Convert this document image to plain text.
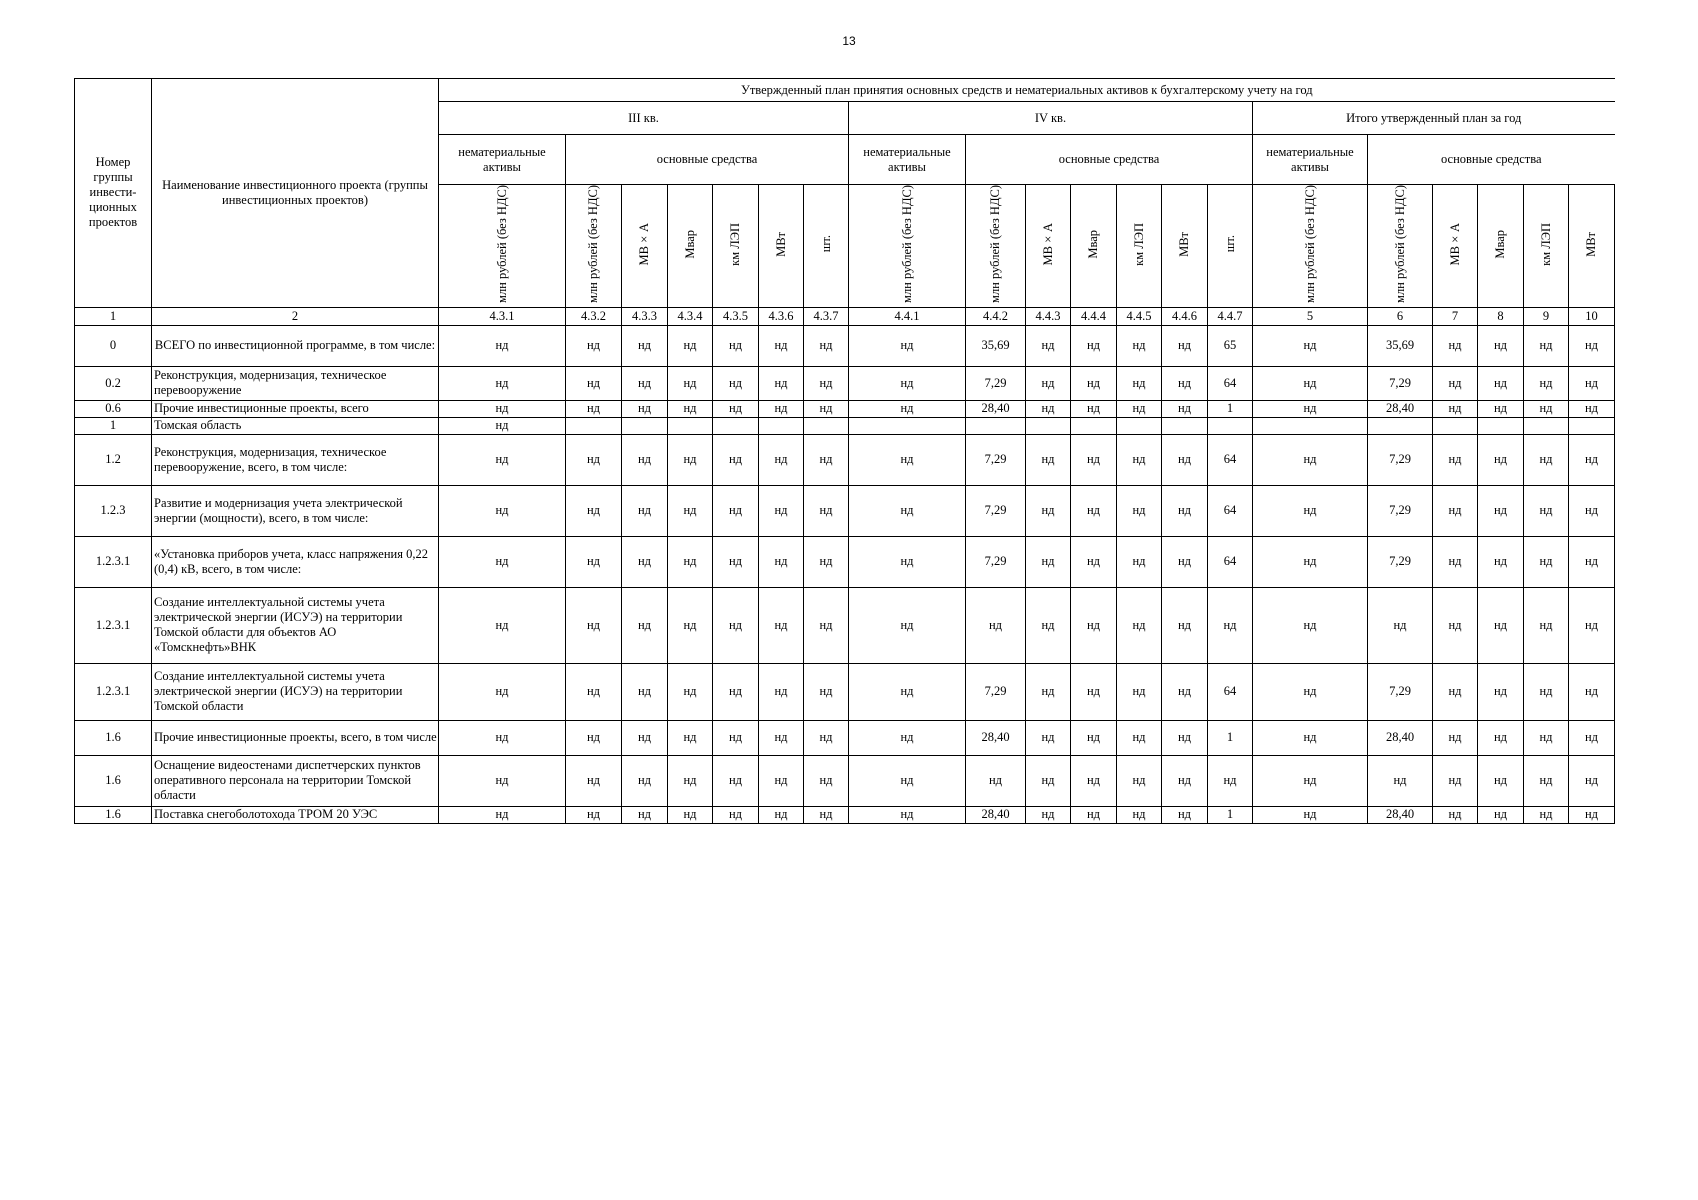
13
Номер группы инвести-ционных проектов	Наименование инвестиционного проекта (группы инвестиционных проектов)	Утвержденный план принятия основных средств и нематериальных активов к бухгалтерскому учету на год																			
		III кв.							IV кв.							Итого утвержденный план за год					
		нематериальные активы	основные средства						нематериальные активы	основные средства						нематериальные активы	основные средства				
		млн рублей (без НДС)	млн рублей (без НДС)	МВ×А	Мвар	км ЛЭП	МВт	шт.	млн рублей (без НДС)	млн рублей (без НДС)	МВ×А	Мвар	км ЛЭП	МВт	шт.	млн рублей (без НДС)	млн рублей (без НДС)	МВ×А	Мвар	км ЛЭП	МВт
1	2	4.3.1	4.3.2	4.3.3	4.3.4	4.3.5	4.3.6	4.3.7	4.4.1	4.4.2	4.4.3	4.4.4	4.4.5	4.4.6	4.4.7	5	6	7	8	9	10
0	ВСЕГО по инвестиционной программе, в том числе:	нд	нд	нд	нд	нд	нд	нд	нд	35,69	нд	нд	нд	нд	65	нд	35,69	нд	нд	нд	нд
0.2	Реконструкция, модернизация, техническое перевооружение	нд	нд	нд	нд	нд	нд	нд	нд	7,29	нд	нд	нд	нд	64	нд	7,29	нд	нд	нд	нд
0.6	Прочие инвестиционные проекты, всего	нд	нд	нд	нд	нд	нд	нд	нд	28,40	нд	нд	нд	нд	1	нд	28,40	нд	нд	нд	нд
1	Томская область	нд																			
1.2	Реконструкция, модернизация, техническое перевооружение, всего, в том числе:	нд	нд	нд	нд	нд	нд	нд	нд	7,29	нд	нд	нд	нд	64	нд	7,29	нд	нд	нд	нд
1.2.3	Развитие и модернизация учета электрической энергии (мощности), всего, в том числе:	нд	нд	нд	нд	нд	нд	нд	нд	7,29	нд	нд	нд	нд	64	нд	7,29	нд	нд	нд	нд
1.2.3.1	«Установка приборов учета, класс напряжения 0,22 (0,4) кВ, всего, в том числе:	нд	нд	нд	нд	нд	нд	нд	нд	7,29	нд	нд	нд	нд	64	нд	7,29	нд	нд	нд	нд
1.2.3.1	Создание интеллектуальной системы учета электрической энергии (ИСУЭ) на территории Томской области для объектов АО «Томскнефть»ВНК	нд	нд	нд	нд	нд	нд	нд	нд	нд	нд	нд	нд	нд	нд	нд	нд	нд	нд	нд	нд
1.2.3.1	Создание интеллектуальной системы учета электрической энергии (ИСУЭ) на территории Томской области	нд	нд	нд	нд	нд	нд	нд	нд	7,29	нд	нд	нд	нд	64	нд	7,29	нд	нд	нд	нд
1.6	Прочие инвестиционные проекты, всего, в том числе	нд	нд	нд	нд	нд	нд	нд	нд	28,40	нд	нд	нд	нд	1	нд	28,40	нд	нд	нд	нд
1.6	Оснащение видеостенами диспетчерских пунктов оперативного персонала на территории Томской области	нд	нд	нд	нд	нд	нд	нд	нд	нд	нд	нд	нд	нд	нд	нд	нд	нд	нд	нд	нд
1.6	Поставка снегоболотохода ТРОМ 20 УЭС	нд	нд	нд	нд	нд	нд	нд	нд	28,40	нд	нд	нд	нд	1	нд	28,40	нд	нд	нд	нд
